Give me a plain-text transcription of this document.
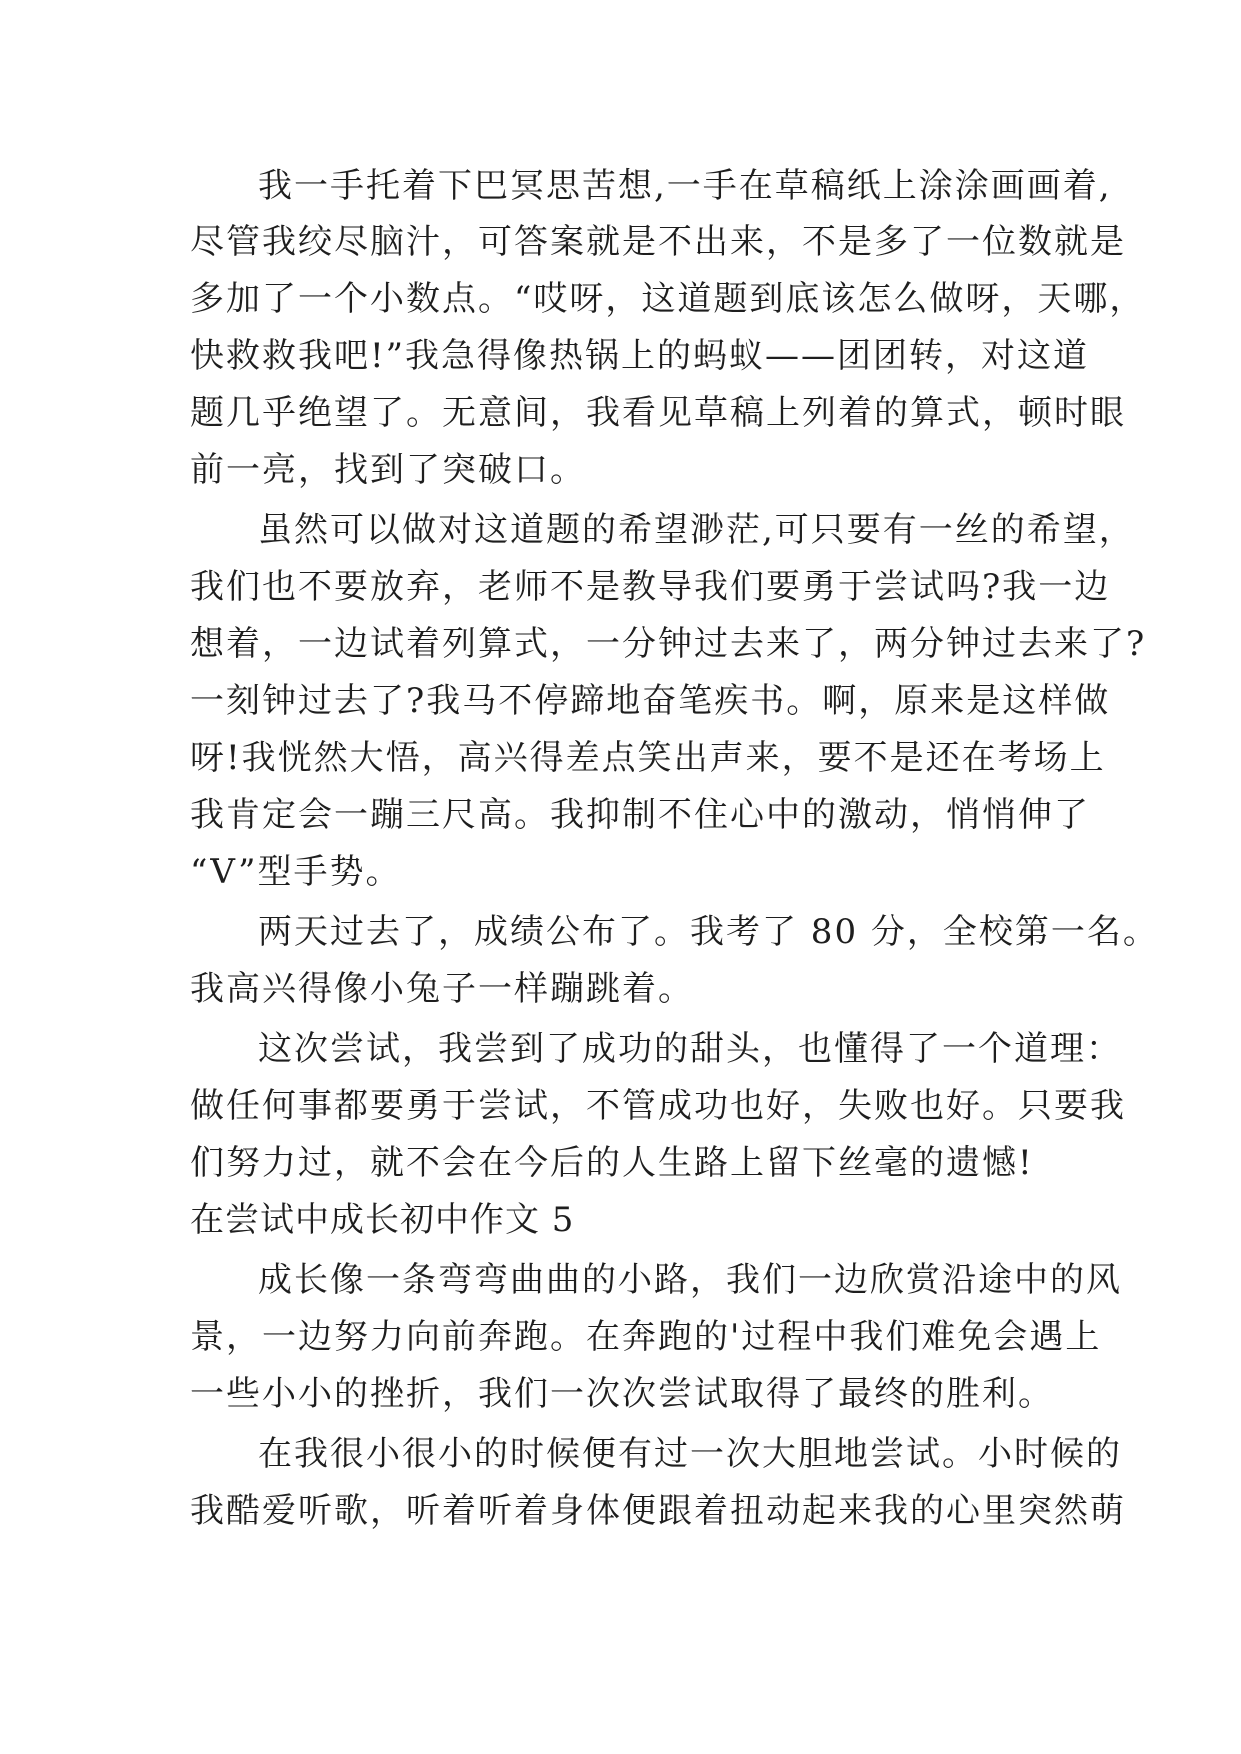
我一手托着下巴冥思苦想,一手在草稿纸上涂涂画画着,
尽管我绞尽脑汁，可答案就是不出来，不是多了一位数就是
多加了一个小数点。“哎呀，这道题到底该怎么做呀，天哪，
快救救我吧!”我急得像热锅上的蚂蚁——团团转，对这道
题几乎绝望了。无意间，我看见草稿上列着的算式，顿时眼
前一亮，找到了突破口。
虽然可以做对这道题的希望渺茫,可只要有一丝的希望，
我们也不要放弃，老师不是教导我们要勇于尝试吗?我一边
想着，一边试着列算式，一分钟过去来了，两分钟过去来了?
一刻钟过去了?我马不停蹄地奋笔疾书。啊，原来是这样做
呀!我恍然大悟，高兴得差点笑出声来，要不是还在考场上
我肯定会一蹦三尺高。我抑制不住心中的激动，悄悄伸了
“V”型手势。
两天过去了，成绩公布了。我考了 80 分，全校第一名。
我高兴得像小兔子一样蹦跳着。
这次尝试，我尝到了成功的甜头，也懂得了一个道理：
做任何事都要勇于尝试，不管成功也好，失败也好。只要我
们努力过，就不会在今后的人生路上留下丝毫的遗憾!
在尝试中成长初中作文 5
成长像一条弯弯曲曲的小路，我们一边欣赏沿途中的风
景，一边努力向前奔跑。在奔跑的'过程中我们难免会遇上
一些小小的挫折，我们一次次尝试取得了最终的胜利。
在我很小很小的时候便有过一次大胆地尝试。小时候的
我酷爱听歌，听着听着身体便跟着扭动起来我的心里突然萌
